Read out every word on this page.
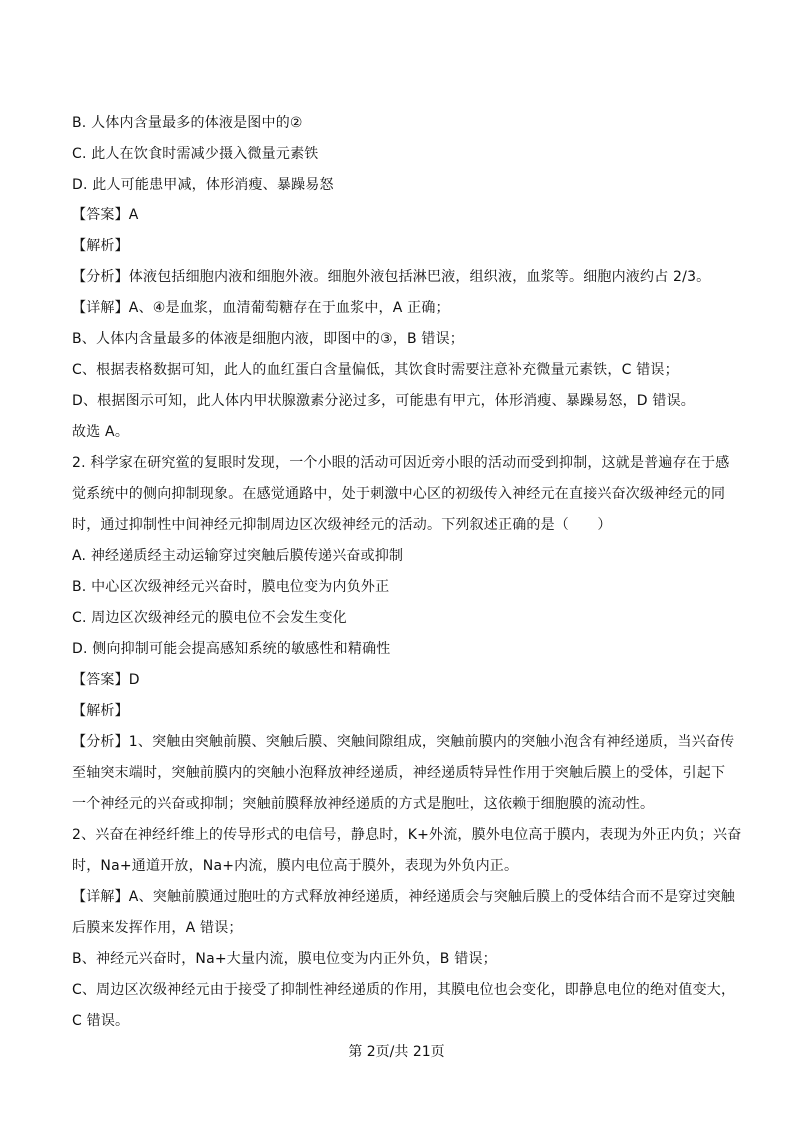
B. 人体内含量最多的体液是图中的②
C. 此人在饮食时需减少摄入微量元素铁
D. 此人可能患甲减，体形消瘦、暴躁易怒
【答案】A
【解析】
【分析】体液包括细胞内液和细胞外液。细胞外液包括淋巴液，组织液，血浆等。细胞内液约占 2/3。
【详解】A、④是血浆，血清葡萄糖存在于血浆中，A 正确；
B、人体内含量最多的体液是细胞内液，即图中的③，B 错误；
C、根据表格数据可知，此人的血红蛋白含量偏低，其饮食时需要注意补充微量元素铁，C 错误；
D、根据图示可知，此人体内甲状腺激素分泌过多，可能患有甲亢，体形消瘦、暴躁易怒，D 错误。
故选 A。
2. 科学家在研究鲎的复眼时发现，一个小眼的活动可因近旁小眼的活动而受到抑制，这就是普遍存在于感
觉系统中的侧向抑制现象。在感觉通路中，处于刺激中心区的初级传入神经元在直接兴奋次级神经元的同
时，通过抑制性中间神经元抑制周边区次级神经元的活动。下列叙述正确的是（　　）
A. 神经递质经主动运输穿过突触后膜传递兴奋或抑制
B. 中心区次级神经元兴奋时，膜电位变为内负外正
C. 周边区次级神经元的膜电位不会发生变化
D. 侧向抑制可能会提高感知系统的敏感性和精确性
【答案】D
【解析】
【分析】1、突触由突触前膜、突触后膜、突触间隙组成，突触前膜内的突触小泡含有神经递质，当兴奋传
至轴突末端时，突触前膜内的突触小泡释放神经递质，神经递质特异性作用于突触后膜上的受体，引起下
一个神经元的兴奋或抑制；突触前膜释放神经递质的方式是胞吐，这依赖于细胞膜的流动性。
2、兴奋在神经纤维上的传导形式的电信号，静息时，K+外流，膜外电位高于膜内，表现为外正内负；兴奋
时，Na+通道开放，Na+内流，膜内电位高于膜外，表现为外负内正。
【详解】A、突触前膜通过胞吐的方式释放神经递质，神经递质会与突触后膜上的受体结合而不是穿过突触
后膜来发挥作用，A 错误；
B、神经元兴奋时，Na+大量内流，膜电位变为内正外负，B 错误；
C、周边区次级神经元由于接受了抑制性神经递质的作用，其膜电位也会变化，即静息电位的绝对值变大，
C 错误。
第 2页/共 21页
